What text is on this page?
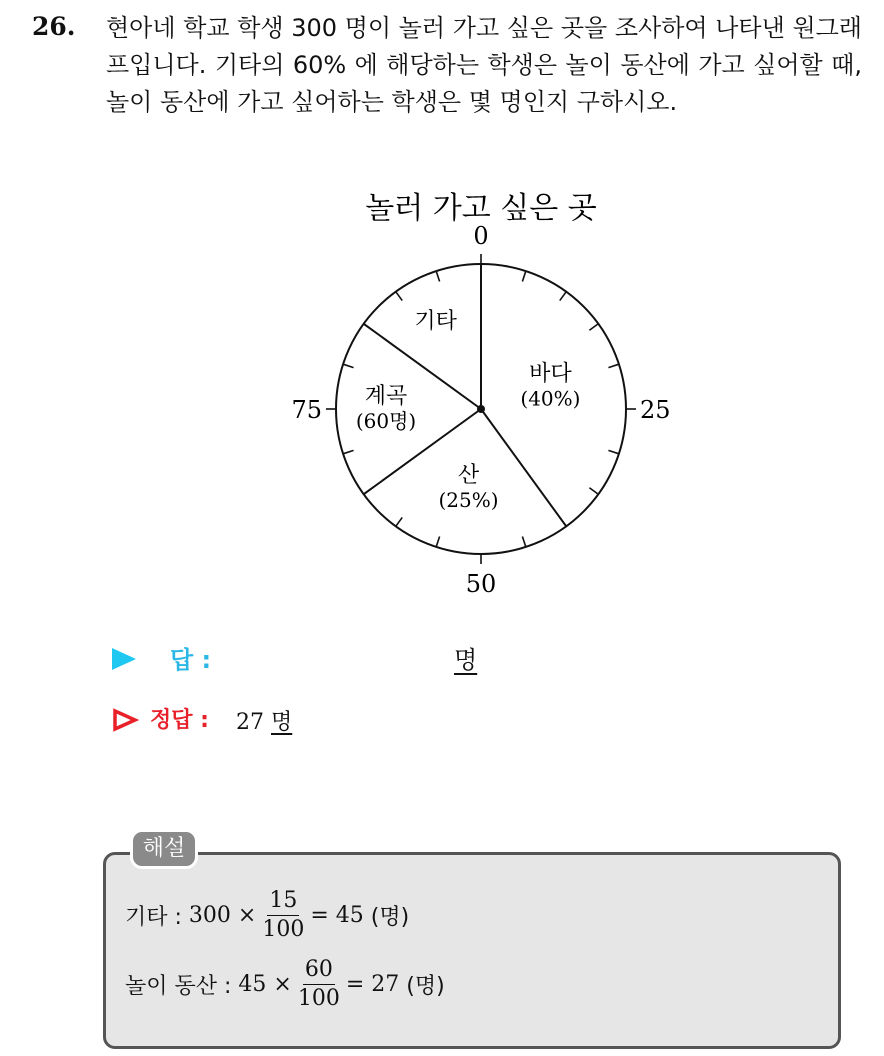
26. 현아네 학교 학생 300 명이 놀러 가고 싶은 곳을 조사하여 나타낸 원그래프입니다. 기타의 60% 에 해당하는 학생은 놀이 동산에 가고 싶어할 때, 놀이 동산에 가고 싶어하는 학생은 몇 명인지 구하시오.
놀러 가고 싶은 곳
0
25
50
75
바다
(40%)
산
(25%)
계곡
(60명)
기타
답 :	명
정답 : 27 명
해설
기타 :
300
× $\frac{15}{100}$ =
45
(명)
놀이 동산 :
45
× $\frac{60}{100}$ =
27
(명)
